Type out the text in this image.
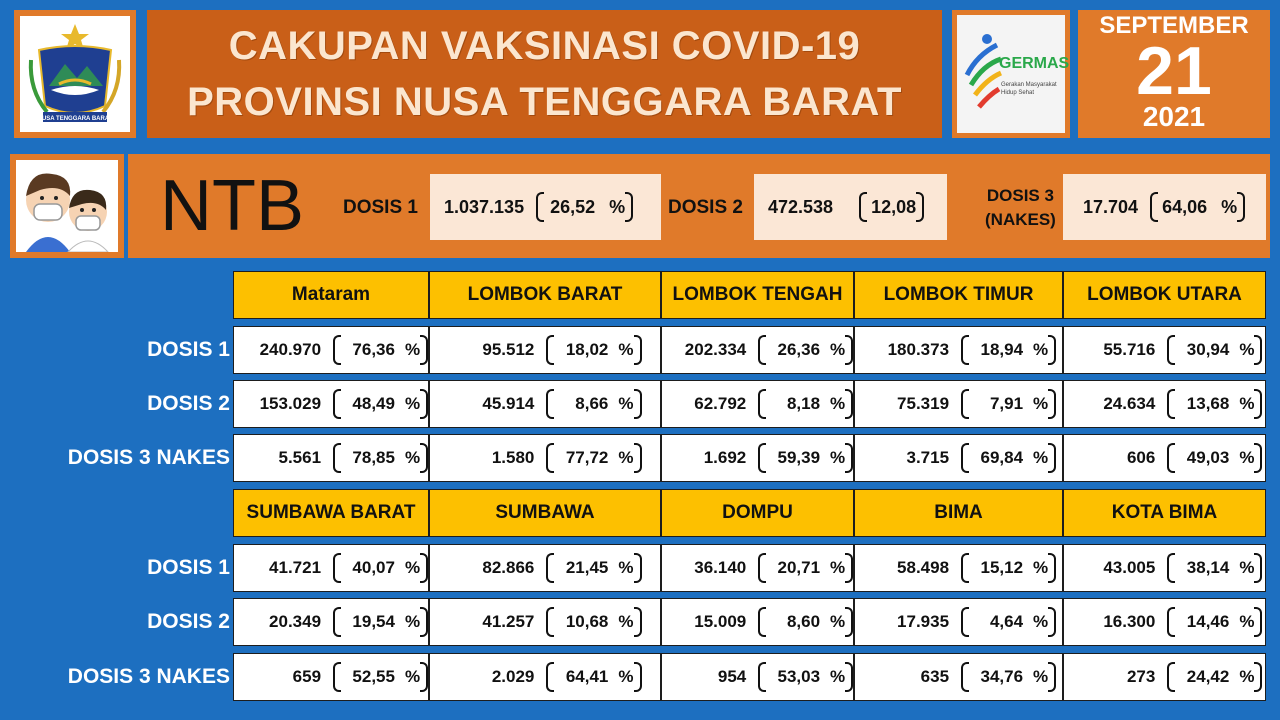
NUSA TENGGARA BARAT
CAKUPAN VAKSINASI COVID-19
PROVINSI NUSA TENGGARA BARAT
GERMAS
Gerakan Masyarakat
Hidup Sehat
SEPTEMBER
21
2021
NTB DOSIS 1 1.037.135 26,52 % DOSIS 2 472.538 12,08
DOSIS 3
(NAKES)
17.704 64,06 %
Mataram	LOMBOK BARAT	LOMBOK TENGAH	LOMBOK TIMUR	LOMBOK UTARA
DOSIS 1	240.970	76,36 %	95.512	18,02 %	202.334	26,36 %	180.373	18,94 %	55.716	30,94 %
DOSIS 2	153.029	48,49 %	45.914	8,66 %	62.792	8,18 %	75.319	7,91 %	24.634	13,68 %
DOSIS 3 NAKES	5.561	78,85 %	1.580	77,72 %	1.692	59,39 %	3.715	69,84 %	606	49,03 %
SUMBAWA BARAT	SUMBAWA	DOMPU	BIMA	KOTA BIMA
DOSIS 1	41.721	40,07 %	82.866	21,45 %	36.140	20,71 %	58.498	15,12 %	43.005	38,14 %
DOSIS 2	20.349	19,54 %	41.257	10,68 %	15.009	8,60 %	17.935	4,64 %	16.300	14,46 %
DOSIS 3 NAKES	659	52,55 %	2.029	64,41 %	954	53,03 %	635	34,76 %	273	24,42 %
